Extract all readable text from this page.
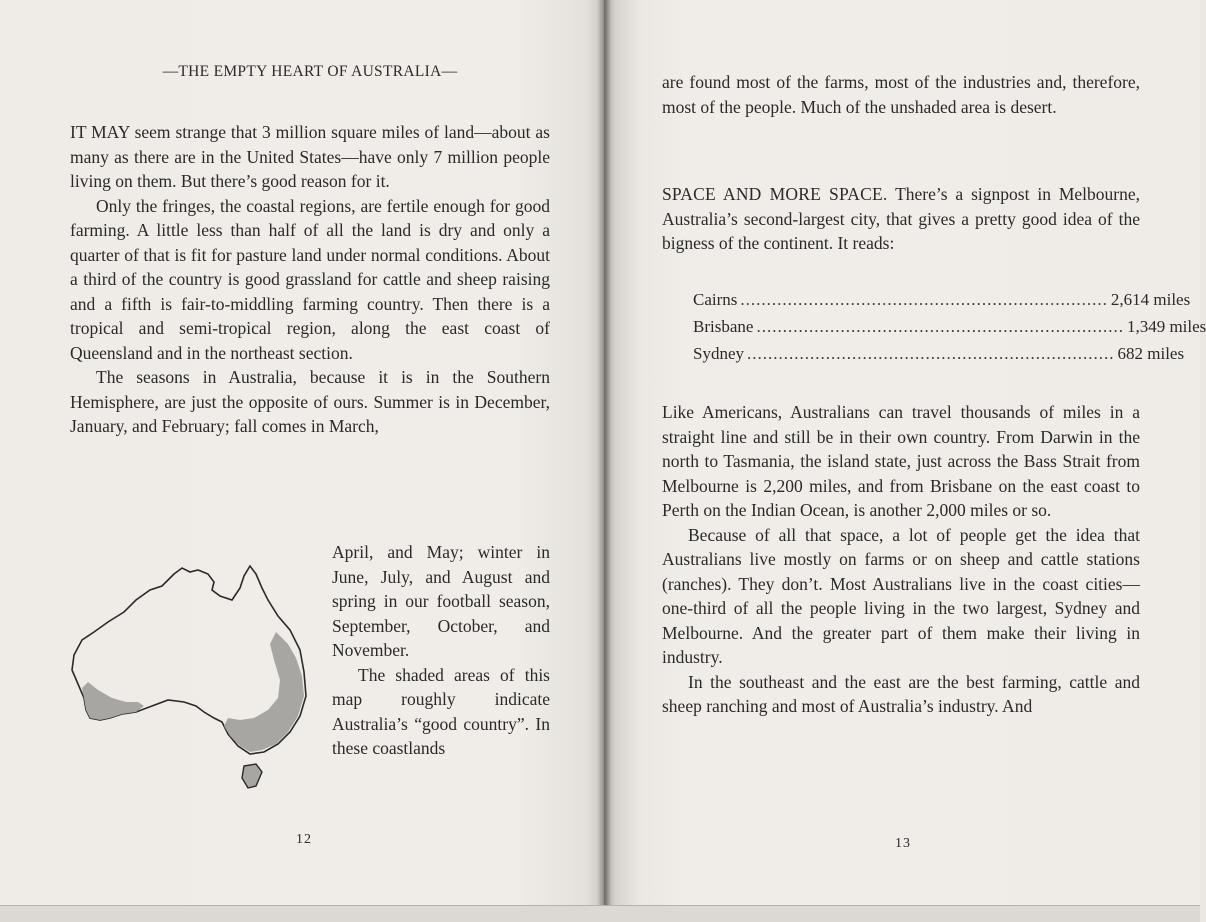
—THE EMPTY HEART OF AUSTRALIA—

IT MAY seem strange that 3 million square miles of land—about as many as there are in the United States—have only 7 million people living on them. But there’s good reason for it.

Only the fringes, the coastal regions, are fertile enough for good farming. A little less than half of all the land is dry and only a quarter of that is fit for pasture land under normal conditions. About a third of the country is good grassland for cattle and sheep raising and a fifth is fair-to-middling farming country. Then there is a tropical and semi-tropical region, along the east coast of Queensland and in the northeast section.

The seasons in Australia, because it is in the Southern Hemisphere, are just the opposite of ours. Summer is in December, January, and February; fall comes in March,

April, and May; winter in June, July, and August and spring in our football season, September, October, and November.

The shaded areas of this map roughly indicate Australia’s “good country”. In these coastlands

12

are found most of the farms, most of the industries and, therefore, most of the people. Much of the unshaded area is desert.

SPACE AND MORE SPACE. There’s a signpost in Melbourne, Australia’s second-largest city, that gives a pretty good idea of the bigness of the continent. It reads:

Cairns ...................................................................... 2,614 miles
Brisbane ...................................................................... 1,349 miles
Sydney ...................................................................... 682 miles

Like Americans, Australians can travel thousands of miles in a straight line and still be in their own country. From Darwin in the north to Tasmania, the island state, just across the Bass Strait from Melbourne is 2,200 miles, and from Brisbane on the east coast to Perth on the Indian Ocean, is another 2,000 miles or so.

Because of all that space, a lot of people get the idea that Australians live mostly on farms or on sheep and cattle stations (ranches). They don’t. Most Australians live in the coast cities—one-third of all the people living in the two largest, Sydney and Melbourne. And the greater part of them make their living in industry.

In the southeast and the east are the best farming, cattle and sheep ranching and most of Australia’s industry. And

13
